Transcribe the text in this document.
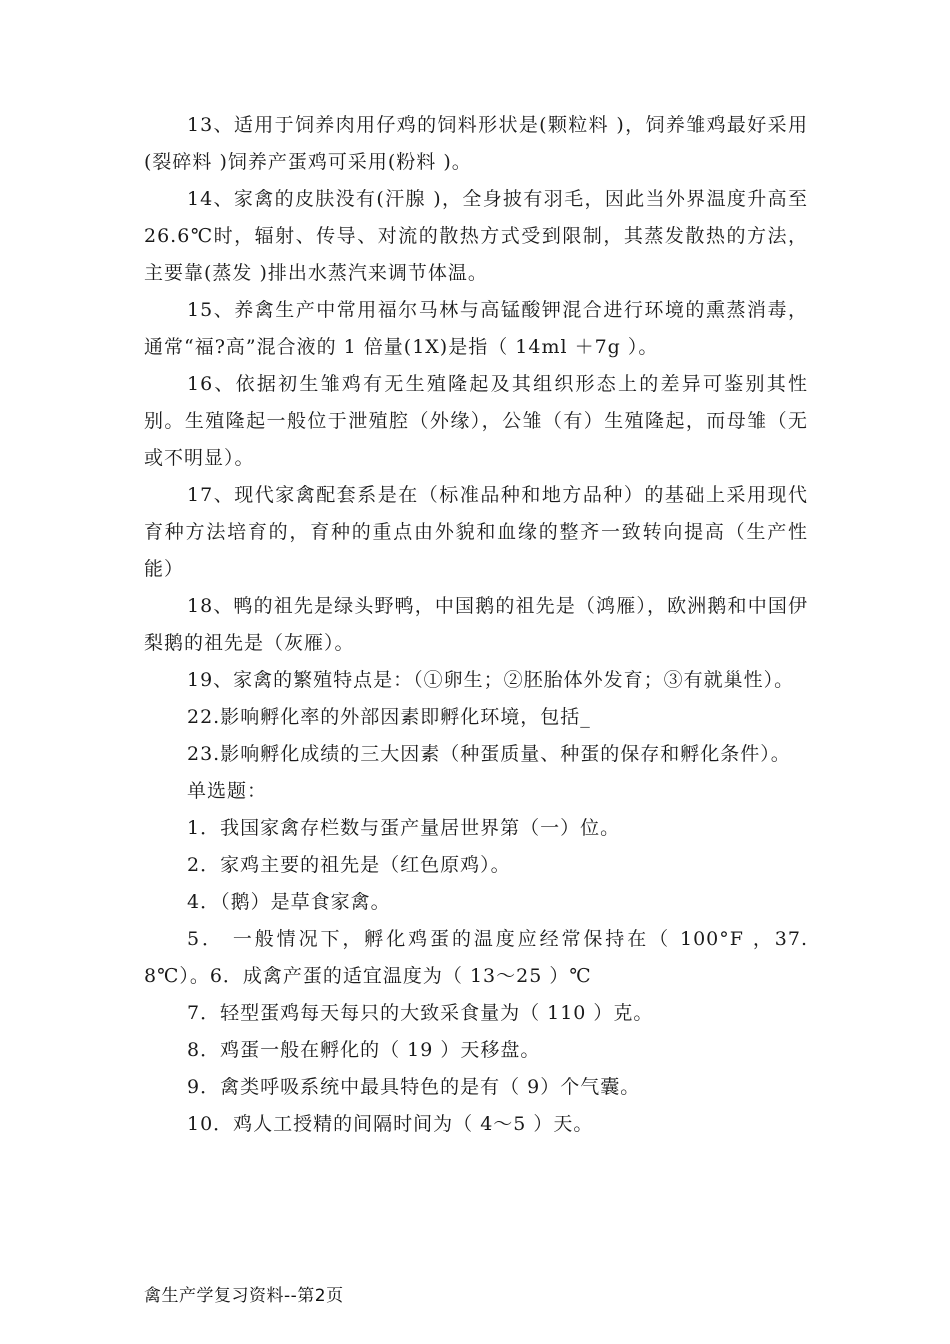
13、适用于饲养肉用仔鸡的饲料形状是(颗粒料 )，饲养雏鸡最好采用(裂碎料 )饲养产蛋鸡可采用(粉料 )。

14、家禽的皮肤没有(汗腺 )，全身披有羽毛，因此当外界温度升高至 26.6℃时，辐射、传导、对流的散热方式受到限制，其蒸发散热的方法，主要靠(蒸发 )排出水蒸汽来调节体温。

15、养禽生产中常用福尔马林与高锰酸钾混合进行环境的熏蒸消毒，通常“福?高”混合液的 1 倍量(1X)是指（ 14ml ＋7g ）。

16、依据初生雏鸡有无生殖隆起及其组织形态上的差异可鉴别其性别。生殖隆起一般位于泄殖腔（外缘），公雏（有）生殖隆起，而母雏（无或不明显）。

17、现代家禽配套系是在（标准品种和地方品种）的基础上采用现代育种方法培育的，育种的重点由外貌和血缘的整齐一致转向提高（生产性能）

18、鸭的祖先是绿头野鸭，中国鹅的祖先是（鸿雁），欧洲鹅和中国伊梨鹅的祖先是（灰雁）。

19、家禽的繁殖特点是：（①卵生；②胚胎体外发育；③有就巢性）。

22.影响孵化率的外部因素即孵化环境，包括_

23.影响孵化成绩的三大因素（种蛋质量、种蛋的保存和孵化条件）。

单选题：

1．我国家禽存栏数与蛋产量居世界第（一）位。

2．家鸡主要的祖先是（红色原鸡）。

4．（鹅）是草食家禽。

5． 一般情况下，孵化鸡蛋的温度应经常保持在（ 100°F ，37.8℃）。6．成禽产蛋的适宜温度为（ 13～25 ）℃

7．轻型蛋鸡每天每只的大致采食量为（ 110 ）克。

8．鸡蛋一般在孵化的（ 19 ）天移盘。

9．禽类呼吸系统中最具特色的是有（ 9）个气囊。

10．鸡人工授精的间隔时间为（ 4～5 ）天。

禽生产学复习资料--第2页
